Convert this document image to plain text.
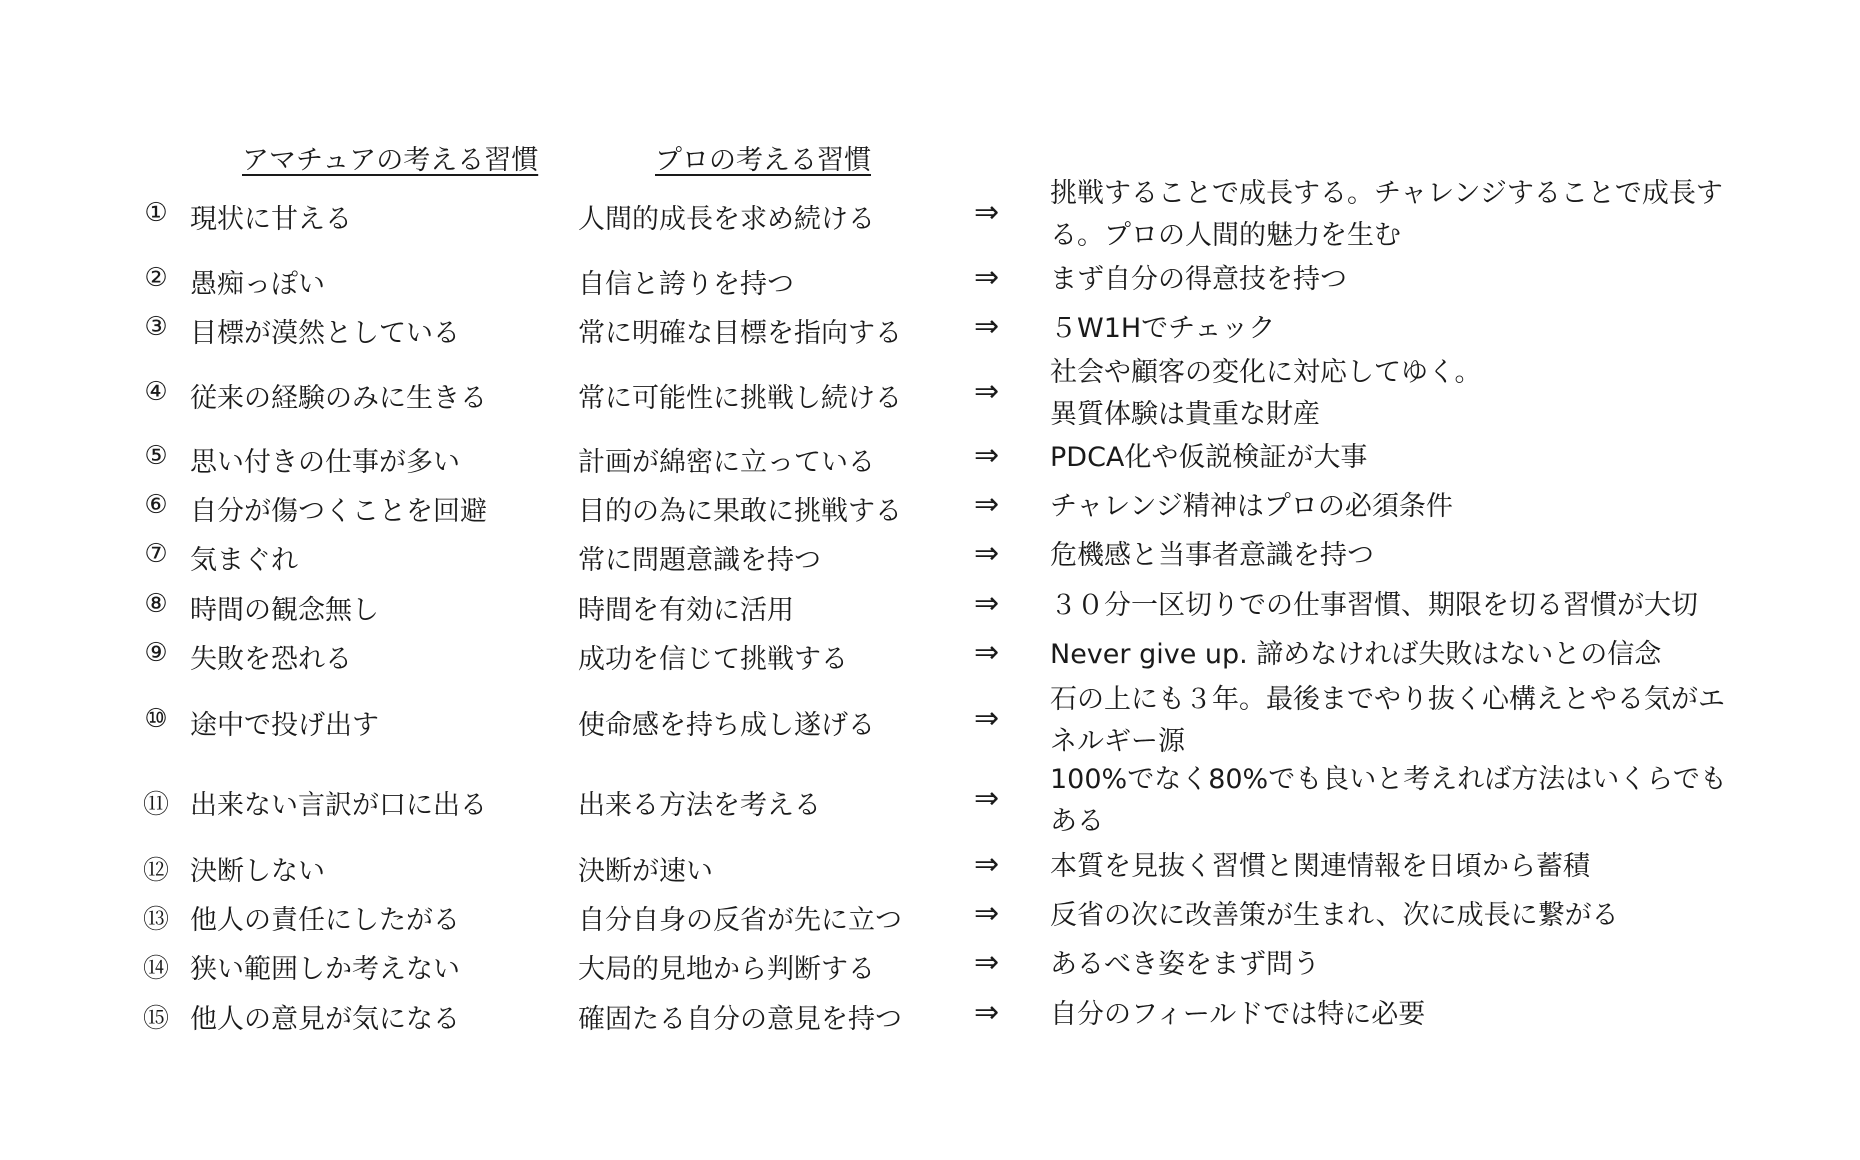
アマチュアの考える習慣	プロの考える習慣
① 現状に甘える	人間的成長を求め続ける	⇒
挑戦することで成長する。チャレンジすることで成長する。プロの人間的魅力を生む
② 愚痴っぽい	自信と誇りを持つ	⇒ まず自分の得意技を持つ
③ 目標が漠然としている	常に明確な目標を指向する ⇒ ５W1Hでチェック
④ 従来の経験のみに生きる	常に可能性に挑戦し続ける ⇒
社会や顧客の変化に対応してゆく。
異質体験は貴重な財産
⑤ 思い付きの仕事が多い	計画が綿密に立っている	⇒ PDCA化や仮説検証が大事
⑥ 自分が傷つくことを回避	目的の為に果敢に挑戦する ⇒ チャレンジ精神はプロの必須条件
⑦ 気まぐれ	常に問題意識を持つ	⇒ 危機感と当事者意識を持つ
⑧ 時間の観念無し	時間を有効に活用	⇒ ３０分一区切りでの仕事習慣、期限を切る習慣が大切
⑨ 失敗を恐れる	成功を信じて挑戦する	⇒ Never give up. 諦めなければ失敗はないとの信念
⑩ 途中で投げ出す	使命感を持ち成し遂げる	⇒
石の上にも３年。最後までやり抜く心構えとやる気がエネルギー源
⑪ 出来ない言訳が口に出る	出来る方法を考える	⇒
100%でなく80%でも良いと考えれば方法はいくらでもある
⑫ 決断しない	決断が速い	⇒ 本質を見抜く習慣と関連情報を日頃から蓄積
⑬ 他人の責任にしたがる	自分自身の反省が先に立つ ⇒ 反省の次に改善策が生まれ、次に成長に繋がる
⑭ 狭い範囲しか考えない	大局的見地から判断する	⇒ あるべき姿をまず問う
⑮ 他人の意見が気になる	確固たる自分の意見を持つ ⇒ 自分のフィールドでは特に必要
